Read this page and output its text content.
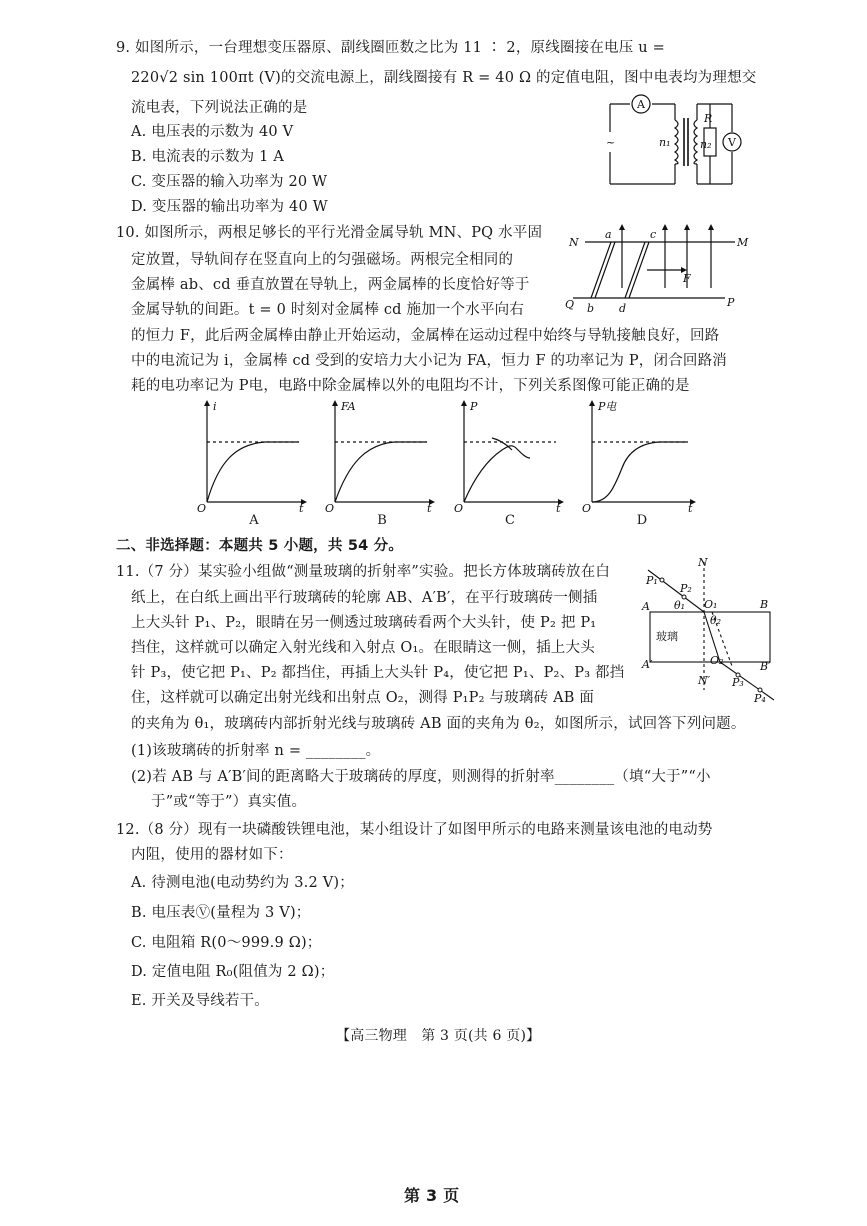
9. 如图所示，一台理想变压器原、副线圈匝数之比为 11 ∶ 2，原线圈接在电压 u =
220√2 sin 100πt (V)的交流电源上，副线圈接有 R = 40 Ω 的定值电阻，图中电表均为理想交
流电表，下列说法正确的是
A. 电压表的示数为 40 V
B. 电流表的示数为 1 A
C. 变压器的输入功率为 20 W
D. 变压器的输出功率为 40 W
A
V
n₁	n₂
R
~
10. 如图所示，两根足够长的平行光滑金属导轨 MN、PQ 水平固
定放置，导轨间存在竖直向上的匀强磁场。两根完全相同的
金属棒 ab、cd 垂直放置在导轨上，两金属棒的长度恰好等于
金属导轨的间距。t = 0 时刻对金属棒 cd 施加一个水平向右
的恒力 F，此后两金属棒由静止开始运动，金属棒在运动过程中始终与导轨接触良好，回路
中的电流记为 i，金属棒 cd 受到的安培力大小记为 FA，恒力 F 的功率记为 P，闭合回路消
耗的电功率记为 P电，电路中除金属棒以外的电阻均不计，下列关系图像可能正确的是
N	M
Q	P
a
b
c
d
F
i
t
O
A
FA
t
O
B
P
t
O
C
P电
t
O
D
二、非选择题：本题共 5 小题，共 54 分。
11.（7 分）某实验小组做“测量玻璃的折射率”实验。把长方体玻璃砖放在白
纸上，在白纸上画出平行玻璃砖的轮廓 AB、A′B′，在平行玻璃砖一侧插
上大头针 P₁、P₂，眼睛在另一侧透过玻璃砖看两个大头针，使 P₂ 把 P₁
挡住，这样就可以确定入射光线和入射点 O₁。在眼睛这一侧，插上大头
针 P₃，使它把 P₁、P₂ 都挡住，再插上大头针 P₄，使它把 P₁、P₂、P₃ 都挡
住，这样就可以确定出射光线和出射点 O₂，测得 P₁P₂ 与玻璃砖 AB 面
的夹角为 θ₁，玻璃砖内部折射光线与玻璃砖 AB 面的夹角为 θ₂，如图所示，试回答下列问题。
(1)该玻璃砖的折射率 n = ________。
(2)若 AB 与 A′B′间的距离略大于玻璃砖的厚度，则测得的折射率________（填“大于”“小
于”或“等于”）真实值。
N
N′
A	B
A′	B′
P₁
P₂
P₃
P₄
O₁
O₂
θ₁
θ₂
玻璃
12.（8 分）现有一块磷酸铁锂电池，某小组设计了如图甲所示的电路来测量该电池的电动势
内阻，使用的器材如下：
A. 待测电池(电动势约为 3.2 V)；
B. 电压表Ⓥ(量程为 3 V)；
C. 电阻箱 R(0～999.9 Ω)；
D. 定值电阻 R₀(阻值为 2 Ω)；
E. 开关及导线若干。
【高三物理　第 3 页(共 6 页)】
第 3 页
